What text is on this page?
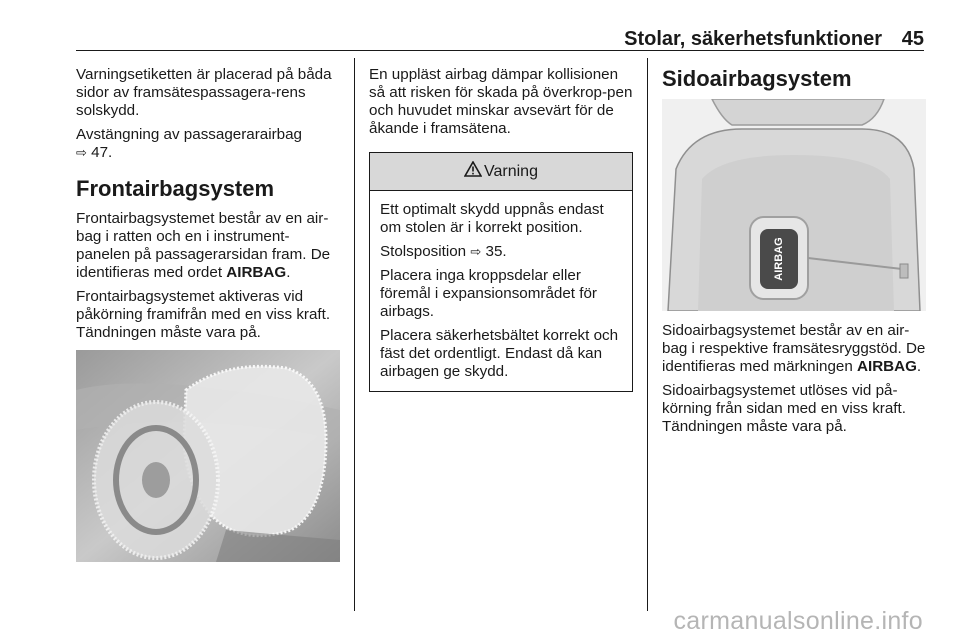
Stolar, säkerhetsfunktioner 45

Varningsetiketten är placerad på båda sidor av framsätespassagera-rens solskydd.

Avstängning av passagerarairbag
⇨ 47.

Frontairbagsystem

Frontairbagsystemet består av en air-bag i ratten och en i instrument-panelen på passagerarsidan fram. De identifieras med ordet AIRBAG.

Frontairbagsystemet aktiveras vid påkörning framifrån med en viss kraft. Tändningen måste vara på.

En uppläst airbag dämpar kollisionen så att risken för skada på överkrop-pen och huvudet minskar avsevärt för de åkande i framsätena.

Varning

Ett optimalt skydd uppnås endast om stolen är i korrekt position.

Stolsposition ⇨ 35.

Placera inga kroppsdelar eller föremål i expansionsområdet för airbags.

Placera säkerhetsbältet korrekt och fäst det ordentligt. Endast då kan airbagen ge skydd.

Sidoairbagsystem
AIRBAG

Sidoairbagsystemet består av en air-bag i respektive framsätesryggstöd. De identifieras med märkningen AIRBAG.

Sidoairbagsystemet utlöses vid på-körning från sidan med en viss kraft. Tändningen måste vara på.

carmanualsonline.info
